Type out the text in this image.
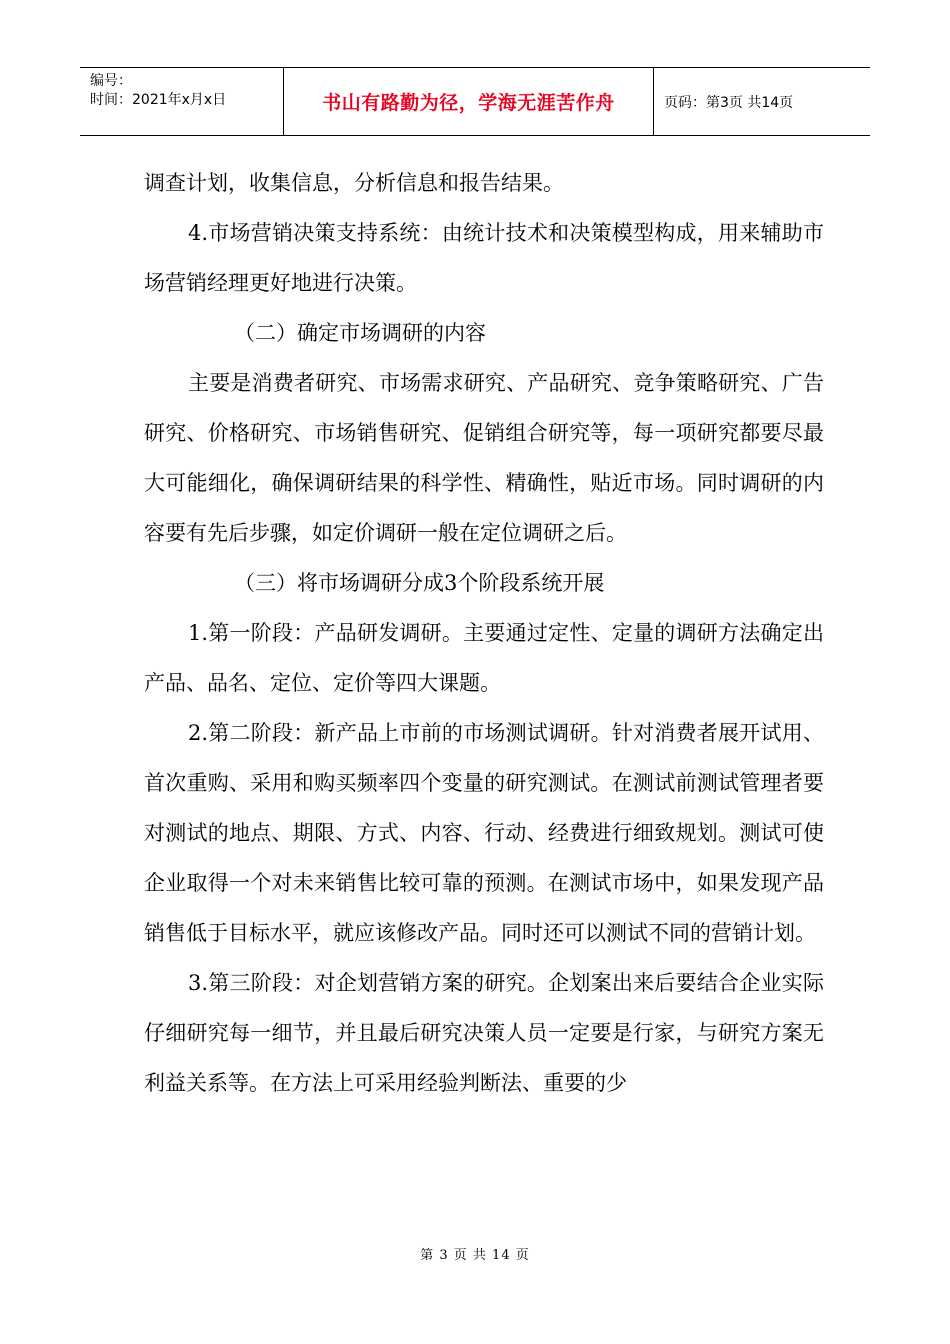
编号：
时间：2021年x月x日	书山有路勤为径，学海无涯苦作舟	页码：第3页 共14页

调查计划，收集信息，分析信息和报告结果。

4.市场营销决策支持系统：由统计技术和决策模型构成，用来辅助市场营销经理更好地进行决策。

（二）确定市场调研的内容

主要是消费者研究、市场需求研究、产品研究、竞争策略研究、广告研究、价格研究、市场销售研究、促销组合研究等，每一项研究都要尽最大可能细化，确保调研结果的科学性、精确性，贴近市场。同时调研的内容要有先后步骤，如定价调研一般在定位调研之后。

（三）将市场调研分成3个阶段系统开展

1.第一阶段：产品研发调研。主要通过定性、定量的调研方法确定出产品、品名、定位、定价等四大课题。

2.第二阶段：新产品上市前的市场测试调研。针对消费者展开试用、首次重购、采用和购买频率四个变量的研究测试。在测试前测试管理者要对测试的地点、期限、方式、内容、行动、经费进行细致规划。测试可使企业取得一个对未来销售比较可靠的预测。在测试市场中，如果发现产品销售低于目标水平，就应该修改产品。同时还可以测试不同的营销计划。

3.第三阶段：对企划营销方案的研究。企划案出来后要结合企业实际仔细研究每一细节，并且最后研究决策人员一定要是行家，与研究方案无利益关系等。在方法上可采用经验判断法、重要的少

第 3 页 共 14 页
